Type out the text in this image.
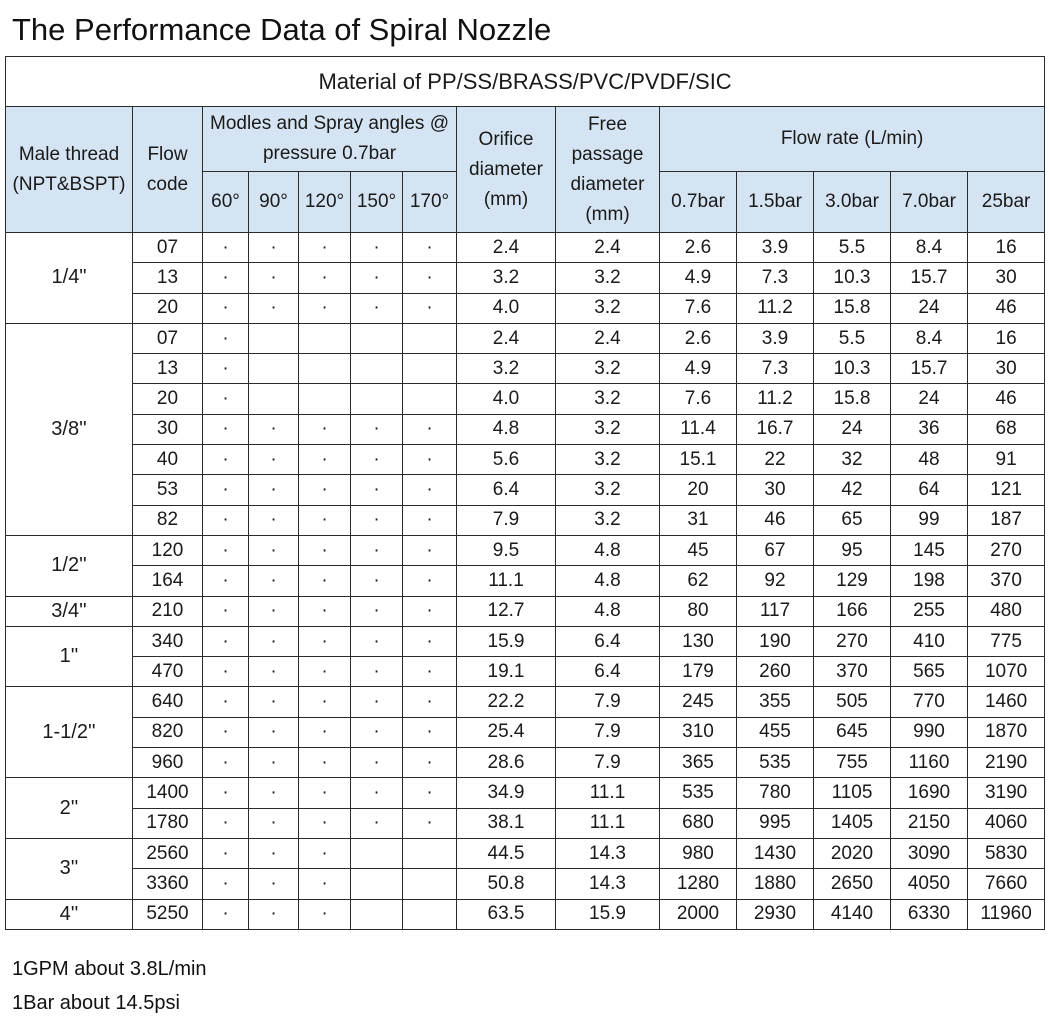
The Performance Data of Spiral Nozzle
Material of PP/SS/BRASS/PVC/PVDF/SIC													
Male thread (NPT&BSPT)	Flow code	Modles and Spray angles @ pressure 0.7bar					Orifice diameter (mm)	Free passage diameter (mm)	Flow rate (L/min)				
		60°	90°	120°	150°	170°			0.7bar	1.5bar	3.0bar	7.0bar	25bar
1/4"	07	·	·	·	·	·	2.4	2.4	2.6	3.9	5.5	8.4	16
	13	·	·	·	·	·	3.2	3.2	4.9	7.3	10.3	15.7	30
	20	·	·	·	·	·	4.0	3.2	7.6	11.2	15.8	24	46
3/8''	07	·					2.4	2.4	2.6	3.9	5.5	8.4	16
	13	·					3.2	3.2	4.9	7.3	10.3	15.7	30
	20	·					4.0	3.2	7.6	11.2	15.8	24	46
	30	·	·	·	·	·	4.8	3.2	11.4	16.7	24	36	68
	40	·	·	·	·	·	5.6	3.2	15.1	22	32	48	91
	53	·	·	·	·	·	6.4	3.2	20	30	42	64	121
	82	·	·	·	·	·	7.9	3.2	31	46	65	99	187
1/2''	120	·	·	·	·	·	9.5	4.8	45	67	95	145	270
	164	·	·	·	·	·	11.1	4.8	62	92	129	198	370
3/4''	210	·	·	·	·	·	12.7	4.8	80	117	166	255	480
1''	340	·	·	·	·	·	15.9	6.4	130	190	270	410	775
	470	·	·	·	·	·	19.1	6.4	179	260	370	565	1070
1-1/2''	640	·	·	·	·	·	22.2	7.9	245	355	505	770	1460
	820	·	·	·	·	·	25.4	7.9	310	455	645	990	1870
	960	·	·	·	·	·	28.6	7.9	365	535	755	1160	2190
2''	1400	·	·	·	·	·	34.9	11.1	535	780	1105	1690	3190
	1780	·	·	·	·	·	38.1	11.1	680	995	1405	2150	4060
3''	2560	·	·	·			44.5	14.3	980	1430	2020	3090	5830
	3360	·	·	·			50.8	14.3	1280	1880	2650	4050	7660
4''	5250	·	·	·			63.5	15.9	2000	2930	4140	6330	11960
1GPM about 3.8L/min
1Bar about 14.5psi
